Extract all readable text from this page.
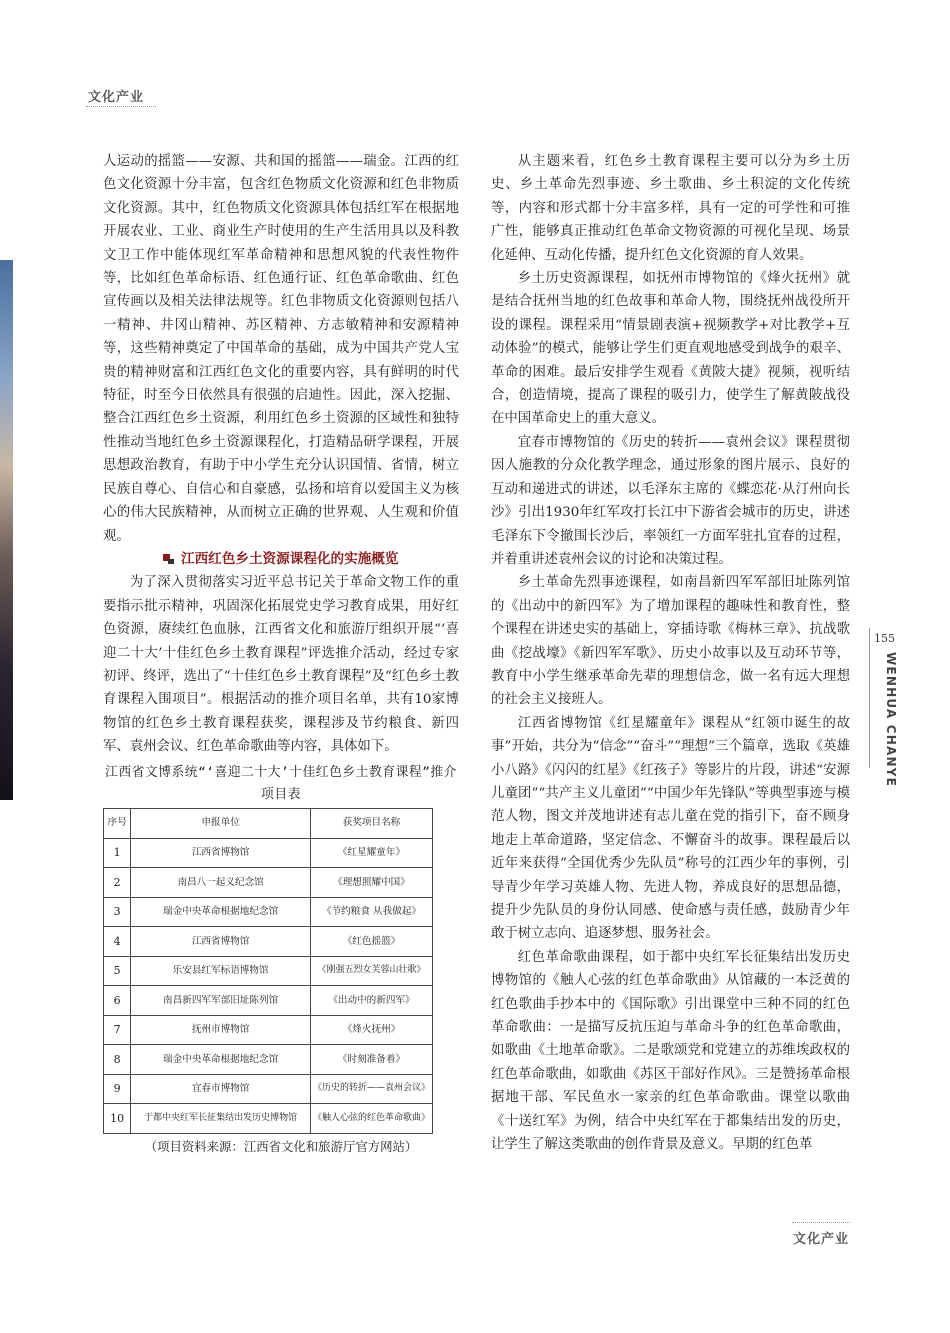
文化产业

人运动的摇篮——安源、共和国的摇篮——瑞金。江西的红色文化资源十分丰富，包含红色物质文化资源和红色非物质文化资源。其中，红色物质文化资源具体包括红军在根据地开展农业、工业、商业生产时使用的生产生活用具以及科教文卫工作中能体现红军革命精神和思想风貌的代表性物件等，比如红色革命标语、红色通行证、红色革命歌曲、红色宣传画以及相关法律法规等。红色非物质文化资源则包括八一精神、井冈山精神、苏区精神、方志敏精神和安源精神等，这些精神奠定了中国革命的基础，成为中国共产党人宝贵的精神财富和江西红色文化的重要内容，具有鲜明的时代特征，时至今日依然具有很强的启迪性。因此，深入挖掘、整合江西红色乡土资源，利用红色乡土资源的区域性和独特性推动当地红色乡土资源课程化，打造精品研学课程，开展思想政治教育，有助于中小学生充分认识国情、省情，树立民族自尊心、自信心和自豪感，弘扬和培育以爱国主义为核心的伟大民族精神，从而树立正确的世界观、人生观和价值观。

江西红色乡土资源课程化的实施概览

为了深入贯彻落实习近平总书记关于革命文物工作的重要指示批示精神，巩固深化拓展党史学习教育成果，用好红色资源，赓续红色血脉，江西省文化和旅游厅组织开展“‘喜迎二十大’十佳红色乡土教育课程”评选推介活动，经过专家初评、终评，选出了“十佳红色乡土教育课程”及“红色乡土教育课程入围项目”。根据活动的推介项目名单，共有10家博物馆的红色乡土教育课程获奖，课程涉及节约粮食、新四军、袁州会议、红色革命歌曲等内容，具体如下。

江西省文博系统“‘喜迎二十大’十佳红色乡土教育课程”推介项目表
序号	申报单位	获奖项目名称
1	江西省博物馆	《红星耀童年》
2	南昌八一起义纪念馆	《理想照耀中国》
3	瑞金中央革命根据地纪念馆	《节约粮食 从我做起》
4	江西省博物馆	《红色摇篮》
5	乐安县红军标语博物馆	《刚强五烈女芙蓉山壮歌》
6	南昌新四军军部旧址陈列馆	《出动中的新四军》
7	抚州市博物馆	《烽火抚州》
8	瑞金中央革命根据地纪念馆	《时刻准备着》
9	宜春市博物馆	《历史的转折——袁州会议》
10	于都中央红军长征集结出发历史博物馆	《触人心弦的红色革命歌曲》
（项目资料来源：江西省文化和旅游厅官方网站）

从主题来看，红色乡土教育课程主要可以分为乡土历史、乡土革命先烈事迹、乡土歌曲、乡土积淀的文化传统等，内容和形式都十分丰富多样，具有一定的可学性和可推广性，能够真正推动红色革命文物资源的可视化呈现、场景化延伸、互动化传播，提升红色文化资源的育人效果。

乡土历史资源课程，如抚州市博物馆的《烽火抚州》就是结合抚州当地的红色故事和革命人物，围绕抚州战役所开设的课程。课程采用“情景剧表演+视频教学+对比教学+互动体验”的模式，能够让学生们更直观地感受到战争的艰辛、革命的困难。最后安排学生观看《黄陂大捷》视频，视听结合，创造情境，提高了课程的吸引力，使学生了解黄陂战役在中国革命史上的重大意义。

宜春市博物馆的《历史的转折——袁州会议》课程贯彻因人施教的分众化教学理念，通过形象的图片展示、良好的互动和递进式的讲述，以毛泽东主席的《蝶恋花·从汀州向长沙》引出1930年红军攻打长江中下游省会城市的历史，讲述毛泽东下令撤围长沙后，率领红一方面军驻扎宜春的过程，并着重讲述袁州会议的讨论和决策过程。

乡土革命先烈事迹课程，如南昌新四军军部旧址陈列馆的《出动中的新四军》为了增加课程的趣味性和教育性，整个课程在讲述史实的基础上，穿插诗歌《梅林三章》、抗战歌曲《挖战壕》《新四军军歌》、历史小故事以及互动环节等，教育中小学生继承革命先辈的理想信念，做一名有远大理想的社会主义接班人。

江西省博物馆《红星耀童年》课程从“红领巾诞生的故事”开始，共分为“信念”“奋斗”“理想”三个篇章，选取《英雄小八路》《闪闪的红星》《红孩子》等影片的片段，讲述“安源儿童团”“共产主义儿童团”“中国少年先锋队”等典型事迹与模范人物，图文并茂地讲述有志儿童在党的指引下，奋不顾身地走上革命道路，坚定信念、不懈奋斗的故事。课程最后以近年来获得“全国优秀少先队员”称号的江西少年的事例，引导青少年学习英雄人物、先进人物，养成良好的思想品德，提升少先队员的身份认同感、使命感与责任感，鼓励青少年敢于树立志向、追逐梦想、服务社会。

红色革命歌曲课程，如于都中央红军长征集结出发历史博物馆的《触人心弦的红色革命歌曲》从馆藏的一本泛黄的红色歌曲手抄本中的《国际歌》引出课堂中三种不同的红色革命歌曲：一是描写反抗压迫与革命斗争的红色革命歌曲，如歌曲《土地革命歌》。二是歌颂党和党建立的苏维埃政权的红色革命歌曲，如歌曲《苏区干部好作风》。三是赞扬革命根据地干部、军民鱼水一家亲的红色革命歌曲。课堂以歌曲《十送红军》为例，结合中央红军在于都集结出发的历史，让学生了解这类歌曲的创作背景及意义。早期的红色革

155
WENHUA CHANYE
文化产业
